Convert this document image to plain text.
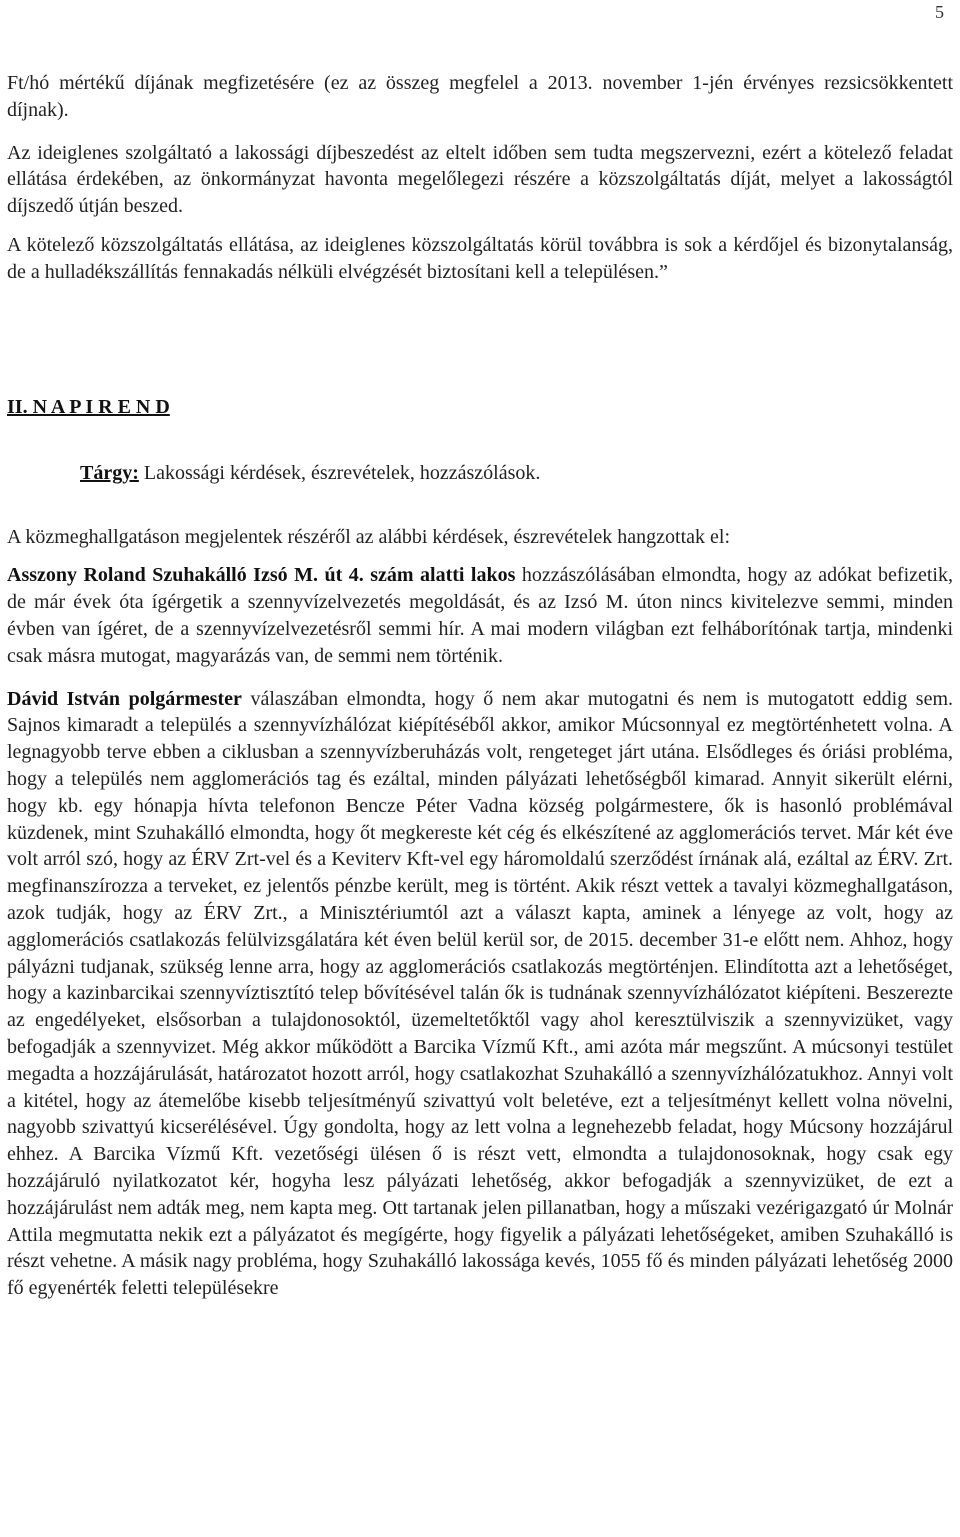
5

Ft/hó mértékű díjának megfizetésére (ez az összeg megfelel a 2013. november 1-jén érvényes rezsicsökkentett díjnak).

Az ideiglenes szolgáltató a lakossági díjbeszedést az eltelt időben sem tudta megszervezni, ezért a kötelező feladat ellátása érdekében, az önkormányzat havonta megelőlegezi részére a közszolgáltatás díját, melyet a lakosságtól díjszedő útján beszed.

A kötelező közszolgáltatás ellátása, az ideiglenes közszolgáltatás körül továbbra is sok a kérdőjel és bizonytalanság, de a hulladékszállítás fennakadás nélküli elvégzését biztosítani kell a településen.”

II. N A P I R E N D
Tárgy: Lakossági kérdések, észrevételek, hozzászólások.

A közmeghallgatáson megjelentek részéről az alábbi kérdések, észrevételek hangzottak el:

Asszony Roland Szuhakálló Izsó M. út 4. szám alatti lakos hozzászólásában elmondta, hogy az adókat befizetik, de már évek óta ígérgetik a szennyvízelvezetés megoldását, és az Izsó M. úton nincs kivitelezve semmi, minden évben van ígéret, de a szennyvízelvezetésről semmi hír. A mai modern világban ezt felháborítónak tartja, mindenki csak másra mutogat, magyarázás van, de semmi nem történik.

Dávid István polgármester válaszában elmondta, hogy ő nem akar mutogatni és nem is mutogatott eddig sem. Sajnos kimaradt a település a szennyvízhálózat kiépítéséből akkor, amikor Múcsonnyal ez megtörténhetett volna. A legnagyobb terve ebben a ciklusban a szennyvízberuházás volt, rengeteget járt utána. Elsődleges és óriási probléma, hogy a település nem agglomerációs tag és ezáltal, minden pályázati lehetőségből kimarad. Annyit sikerült elérni, hogy kb. egy hónapja hívta telefonon Bencze Péter Vadna község polgármestere, ők is hasonló problémával küzdenek, mint Szuhakálló elmondta, hogy őt megkereste két cég és elkészítené az agglomerációs tervet. Már két éve volt arról szó, hogy az ÉRV Zrt-vel és a Keviterv Kft-vel egy háromoldalú szerződést írnának alá, ezáltal az ÉRV. Zrt. megfinanszírozza a terveket, ez jelentős pénzbe került, meg is történt. Akik részt vettek a tavalyi közmeghallgatáson, azok tudják, hogy az ÉRV Zrt., a Minisztériumtól azt a választ kapta, aminek a lényege az volt, hogy az agglomerációs csatlakozás felülvizsgálatára két éven belül kerül sor, de 2015. december 31-e előtt nem. Ahhoz, hogy pályázni tudjanak, szükség lenne arra, hogy az agglomerációs csatlakozás megtörténjen. Elindította azt a lehetőséget, hogy a kazinbarcikai szennyvíztisztító telep bővítésével talán ők is tudnának szennyvízhálózatot kiépíteni. Beszerezte az engedélyeket, elsősorban a tulajdonosoktól, üzemeltetőktől vagy ahol keresztülviszik a szennyvizüket, vagy befogadják a szennyvizet. Még akkor működött a Barcika Vízmű Kft., ami azóta már megszűnt. A múcsonyi testület megadta a hozzájárulását, határozatot hozott arról, hogy csatlakozhat Szuhakálló a szennyvízhálózatukhoz. Annyi volt a kitétel, hogy az átemelőbe kisebb teljesítményű szivattyú volt beletéve, ezt a teljesítményt kellett volna növelni, nagyobb szivattyú kicserélésével. Úgy gondolta, hogy az lett volna a legnehezebb feladat, hogy Múcsony hozzájárul ehhez. A Barcika Vízmű Kft. vezetőségi ülésen ő is részt vett, elmondta a tulajdonosoknak, hogy csak egy hozzájáruló nyilatkozatot kér, hogyha lesz pályázati lehetőség, akkor befogadják a szennyvizüket, de ezt a hozzájárulást nem adták meg, nem kapta meg. Ott tartanak jelen pillanatban, hogy a műszaki vezérigazgató úr Molnár Attila megmutatta nekik ezt a pályázatot és megígérte, hogy figyelik a pályázati lehetőségeket, amiben Szuhakálló is részt vehetne. A másik nagy probléma, hogy Szuhakálló lakossága kevés, 1055 fő és minden pályázati lehetőség 2000 fő egyenérték feletti településekre
